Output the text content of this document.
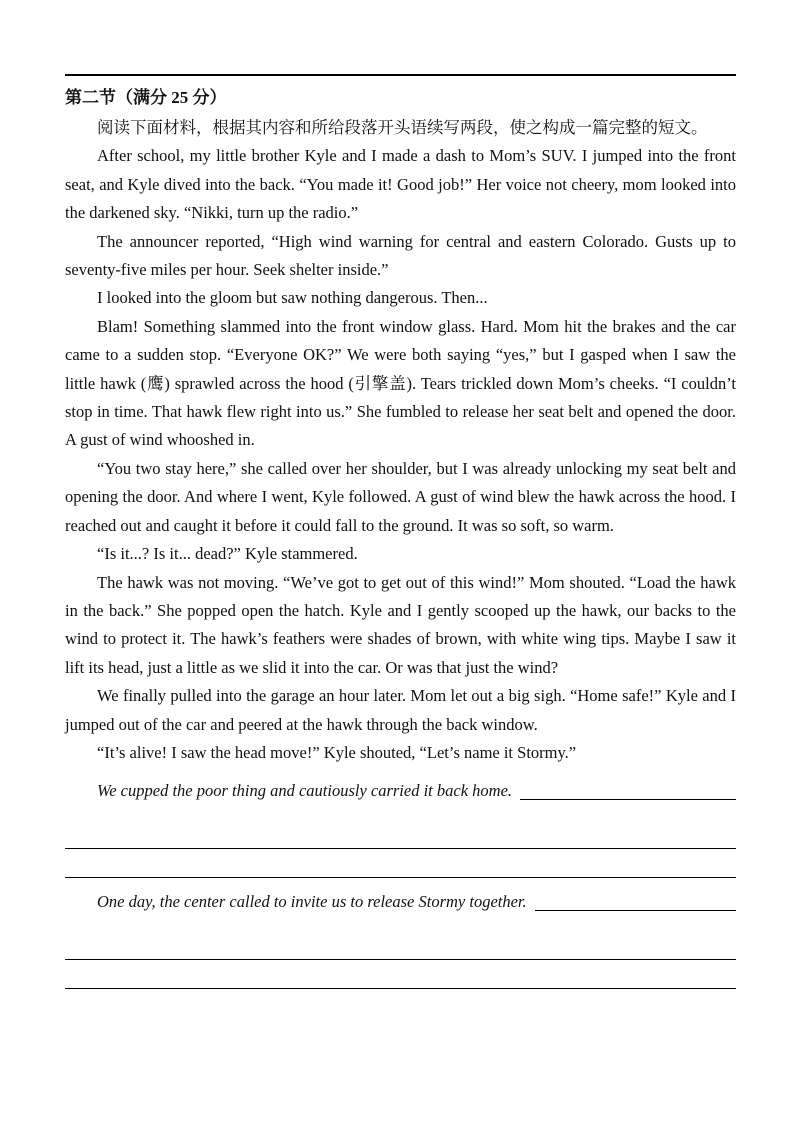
第二节（满分 25 分）

阅读下面材料，根据其内容和所给段落开头语续写两段，使之构成一篇完整的短文。

After school, my little brother Kyle and I made a dash to Mom’s SUV. I jumped into the front seat, and Kyle dived into the back. “You made it! Good job!” Her voice not cheery, mom looked into the darkened sky. “Nikki, turn up the radio.”

The announcer reported, “High wind warning for central and eastern Colorado. Gusts up to seventy-five miles per hour. Seek shelter inside.”

I looked into the gloom but saw nothing dangerous. Then...

Blam! Something slammed into the front window glass. Hard. Mom hit the brakes and the car came to a sudden stop. “Everyone OK?” We were both saying “yes,” but I gasped when I saw the little hawk (鹰) sprawled across the hood (引擎盖). Tears trickled down Mom’s cheeks. “I couldn’t stop in time. That hawk flew right into us.” She fumbled to release her seat belt and opened the door. A gust of wind whooshed in.

“You two stay here,” she called over her shoulder, but I was already unlocking my seat belt and opening the door. And where I went, Kyle followed. A gust of wind blew the hawk across the hood. I reached out and caught it before it could fall to the ground. It was so soft, so warm.

“Is it...? Is it... dead?” Kyle stammered.

The hawk was not moving. “We’ve got to get out of this wind!” Mom shouted. “Load the hawk in the back.” She popped open the hatch. Kyle and I gently scooped up the hawk, our backs to the wind to protect it. The hawk’s feathers were shades of brown, with white wing tips. Maybe I saw it lift its head, just a little as we slid it into the car. Or was that just the wind?

We finally pulled into the garage an hour later. Mom let out a big sigh. “Home safe!” Kyle and I jumped out of the car and peered at the hawk through the back window.

“It’s alive! I saw the head move!” Kyle shouted, “Let’s name it Stormy.”

We cupped the poor thing and cautiously carried it back home.
One day, the center called to invite us to release Stormy together.
